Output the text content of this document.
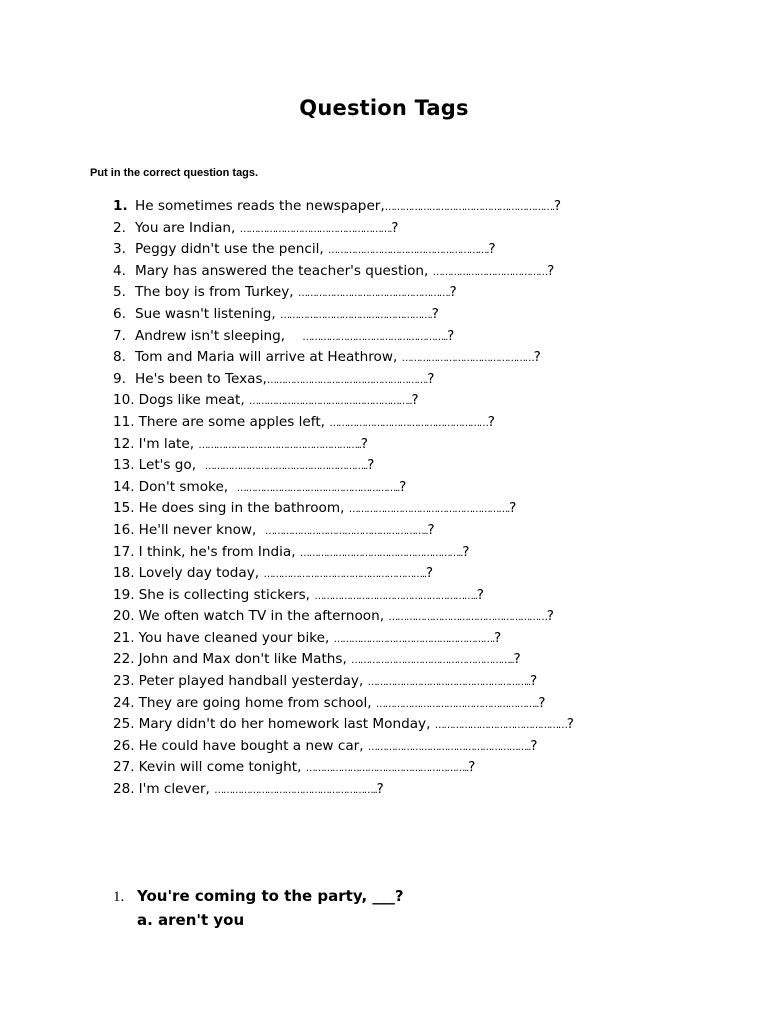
Question Tags
Put in the correct question tags.
1. He sometimes reads the newspaper,………………………………………………….?
2. You are Indian, …………………………………………….?
3. Peggy didn't use the pencil, ……………………………………………….?
4. Mary has answered the teacher's question, …………………………………?
5. The boy is from Turkey, …………………………………………….?
6. Sue wasn't listening, …………………………………………….?
7. Andrew isn't sleeping,    …………………………………………..?
8. Tom and Maria will arrive at Heathrow, ………………………………………?
9. He's been to Texas,……………………………………………….?
10. Dogs like meat, ………………………………………………..?
11. There are some apples left, ………………………………………………?
12. I'm late, ………………………………………………..?
13. Let's go,  ………………………………………………..?
14. Don't smoke,  ………………………………………………..?
15. He does sing in the bathroom, ……………………………………………….?
16. He'll never know,  ………………………………………………..?
17. I think, he's from India, ………………………………………………..?
18. Lovely day today, ………………………………………………..?
19. She is collecting stickers, ………………………………………………..?
20. We often watch TV in the afternoon, ………………………………………………?
21. You have cleaned your bike, ……………………………………………….?
22. John and Max don't like Maths, ………………………………………………..?
23. Peter played handball yesterday, ………………………………………………..?
24. They are going home from school, ………………………………………………..?
25. Mary didn't do her homework last Monday, ………………………………………?
26. He could have bought a new car, ………………………………………………..?
27. Kevin will come tonight, ………………………………………………..?
28. I'm clever, ………………………………………………..?
1. You're coming to the party, ___?
a. aren't you
